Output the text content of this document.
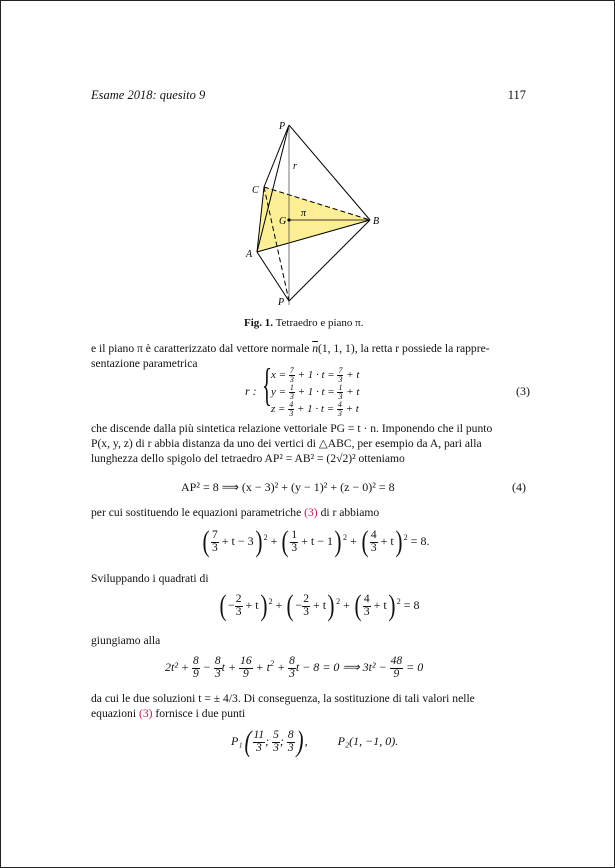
Esame 2018: quesito 9	117
P
r
C
G
π
B
A
P
Fig. 1. Tetraedro e piano π.
e il piano π è caratterizzato dal vettore normale $\overline{n}(1$, 1, 1), la retta r possiede la rappre-
sentazione parametrica
r : { $x = \frac{7}{3} + 1 \cdot t = \frac{7}{3} + t$
$y = \frac{1}{3} + 1 \cdot t = \frac{1}{3} + t$
$z = \frac{4}{3} + 1 \cdot t = \frac{4}{3} + t$
(3)
che discende dalla più sintetica relazione vettoriale PG = t · n. Imponendo che il punto
P(x, y, z) di r abbia distanza da uno dei vertici di △ABC, per esempio da A, pari alla
lunghezza dello spigolo del tetraedro AP² = AB² = (2√2)² otteniamo
AP² = 8 ⟹ (x − 3)² + (y − 1)² + (z − 0)² = 8	(4)
per cui sostituendo le equazioni parametriche (3) di r abbiamo
( $\frac{7}{3} + t - 3$) $^2$ + ( $\frac{1}{3} + t - 1$) $^2$ + ( $\frac{4}{3} + t$) $^2$ = 8.
Sviluppando i quadrati di
( − $\frac{2}{3} + t$) $^2$ + ( − $\frac{2}{3} + t$) $^2$ + ( $\frac{4}{3} + t$) $^2$ = 8
giungiamo alla
$2t^2 + \frac{8}{9} - \frac{8}{3}$ $t + \frac{16}{9} + t^2 + \frac{8}{3}$ t − 8 = 0 ⟹ $3t^2 - \frac{48}{9} = 0$
da cui le due soluzioni t = ± 4/3. Di conseguenza, la sostituzione di tali valori nelle
equazioni (3) fornisce i due punti
$P_1( \frac{11}{3}$ ; $\frac{5}{3}$ ; $\frac{8}{3}$ ) ,  P₂(1, −1, 0).
